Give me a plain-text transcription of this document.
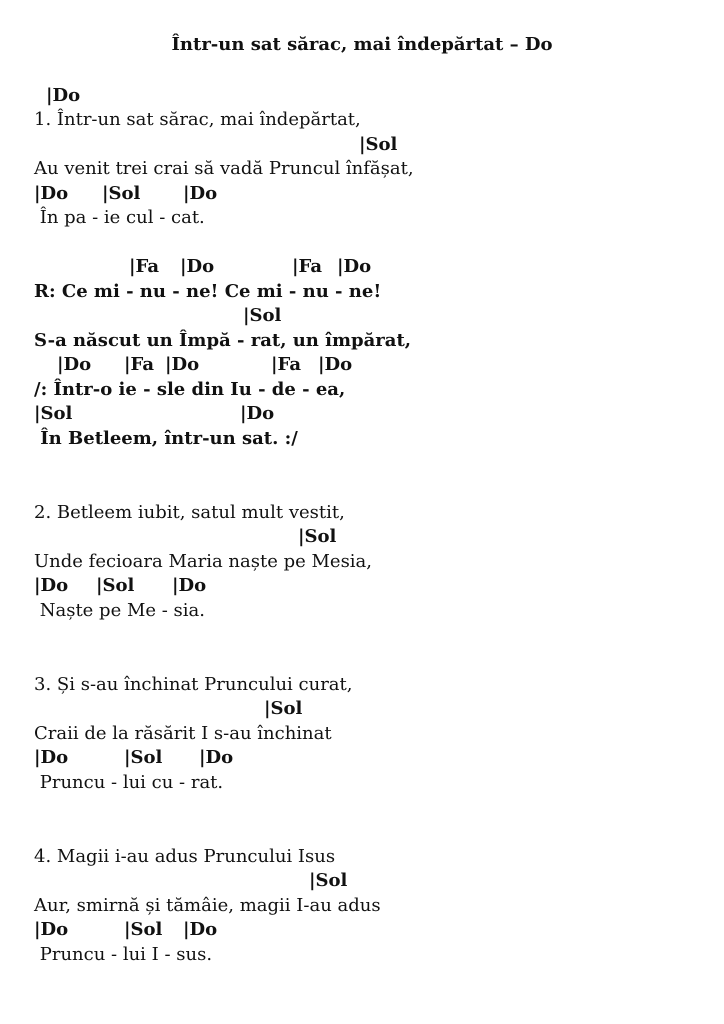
Într-un sat sărac, mai îndepărtat – Do
|Do
1. Într-un sat sărac, mai îndepărtat,
|Sol
Au venit trei crai să vadă Pruncul înfășat,
|Do |Sol |Do
În pa - ie cul - cat.
|Fa |Do	|Fa |Do
R: Ce mi - nu - ne! Ce mi - nu - ne!
|Sol
S-a născut un Împă - rat, un împărat,
|Do |Fa |Do	|Fa |Do
/: Într-o ie - sle din Iu - de - ea,
|Sol	|Do
În Betleem, într-un sat. :/
2. Betleem iubit, satul mult vestit,
|Sol
Unde fecioara Maria naște pe Mesia,
|Do |Sol |Do
Naște pe Me - sia.
3. Și s-au închinat Pruncului curat,
|Sol
Craii de la răsărit I s-au închinat
|Do	|Sol |Do
Pruncu - lui cu - rat.
4. Magii i-au adus Pruncului Isus
|Sol
Aur, smirnă și tămâie, magii I-au adus
|Do	|Sol |Do
Pruncu - lui I - sus.
